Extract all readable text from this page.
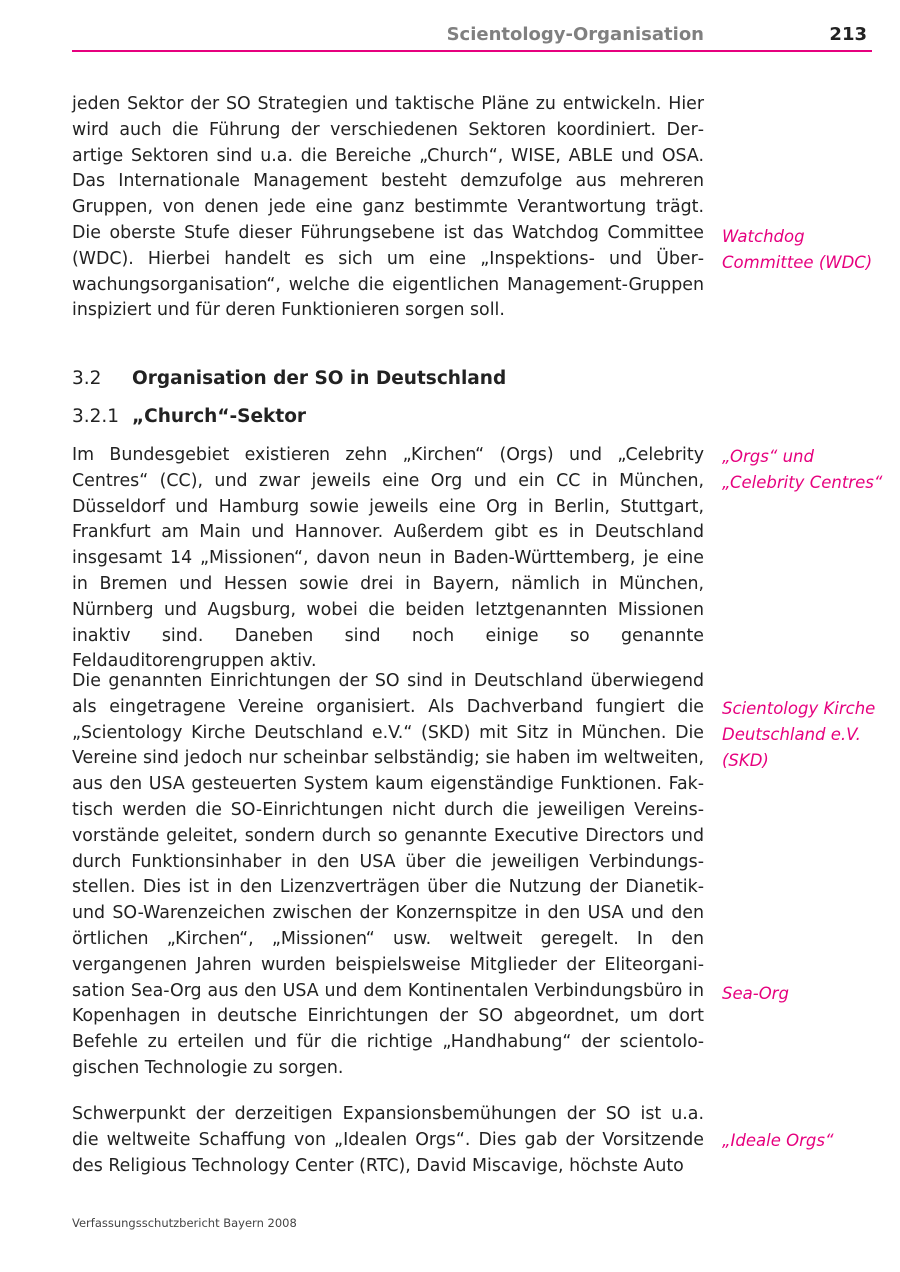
Scientology-Organisation	213

jeden Sektor der SO Strategien und taktische Pläne zu entwickeln. Hier wird auch die Führung der verschiedenen Sektoren koordiniert. Derartige Sektoren sind u.a. die Bereiche „Church“, WISE, ABLE und OSA. Das Internationale Management besteht demzufolge aus mehreren Gruppen, von denen jede eine ganz bestimmte Verantwortung trägt. Die oberste Stufe dieser Führungsebene ist das Watchdog Committee (WDC). Hierbei handelt es sich um eine „Inspektions- und Überwachungsorganisation“, welche die eigentlichen Management-Gruppen inspiziert und für deren Funktionieren sorgen soll.

3.2 Organisation der SO in Deutschland
3.2.1 „Church“-Sektor

Im Bundesgebiet existieren zehn „Kirchen“ (Orgs) und „Celebrity Centres“ (CC), und zwar jeweils eine Org und ein CC in München, Düsseldorf und Hamburg sowie jeweils eine Org in Berlin, Stuttgart, Frankfurt am Main und Hannover. Außerdem gibt es in Deutschland insgesamt 14 „Missionen“, davon neun in Baden-Württemberg, je eine in Bremen und Hessen sowie drei in Bayern, nämlich in München, Nürnberg und Augsburg, wobei die beiden letztgenannten Missionen inaktiv sind. Daneben sind noch einige so genannte Feldauditorengruppen aktiv.

Die genannten Einrichtungen der SO sind in Deutschland überwiegend als eingetragene Vereine organisiert. Als Dachverband fungiert die „Scientology Kirche Deutschland e.V.“ (SKD) mit Sitz in München. Die Vereine sind jedoch nur scheinbar selbständig; sie haben im weltweiten, aus den USA gesteuerten System kaum eigenständige Funktionen. Faktisch werden die SO-Einrichtungen nicht durch die jeweiligen Vereinsvorstände geleitet, sondern durch so genannte Executive Directors und durch Funktionsinhaber in den USA über die jeweiligen Verbindungsstellen. Dies ist in den Lizenzverträgen über die Nutzung der Dianetik- und SO-Warenzeichen zwischen der Konzernspitze in den USA und den örtlichen „Kirchen“, „Missionen“ usw. weltweit geregelt. In den vergangenen Jahren wurden beispielsweise Mitglieder der Eliteorganisation Sea-Org aus den USA und dem Kontinentalen Verbindungsbüro in Kopenhagen in deutsche Einrichtungen der SO abgeordnet, um dort Befehle zu erteilen und für die richtige „Handhabung“ der scientologischen Technologie zu sorgen.

Schwerpunkt der derzeitigen Expansionsbemühungen der SO ist u.a. die weltweite Schaffung von „Idealen Orgs“. Dies gab der Vorsitzende des Religious Technology Center (RTC), David Miscavige, höchste Auto

Watchdog
Committee (WDC)
„Orgs“ und
„Celebrity Centres“
Scientology Kirche
Deutschland e.V.
(SKD)
Sea-Org
„Ideale Orgs“
Verfassungsschutzbericht Bayern 2008
